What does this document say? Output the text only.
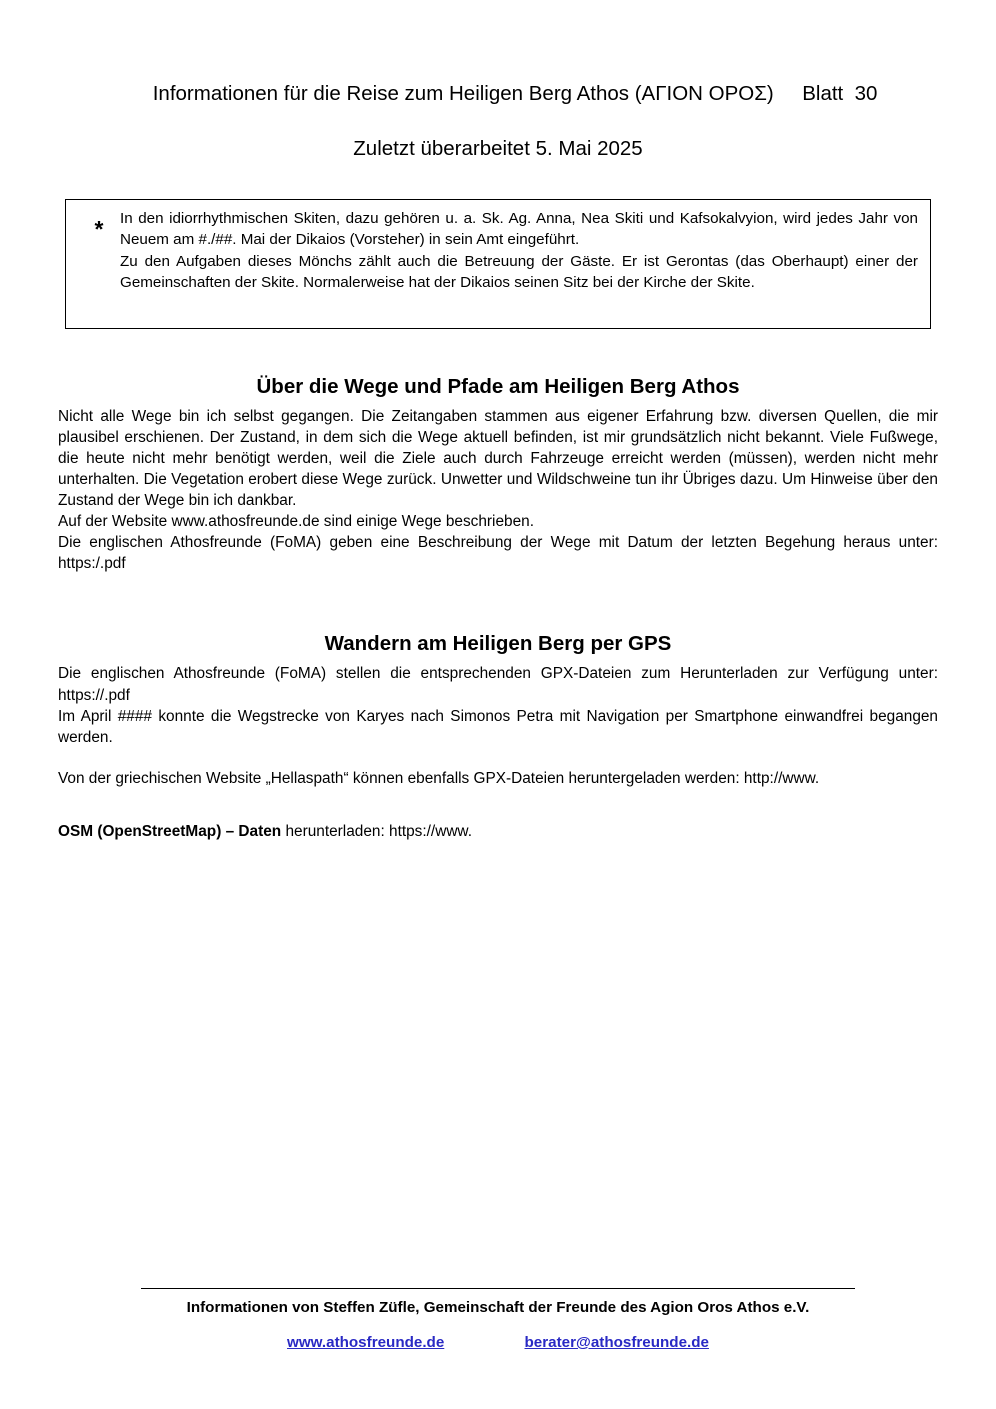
Informationen für die Reise zum Heiligen Berg Athos (ΑΓΙΟΝ ΟΡΟΣ) Blatt  30

Zuletzt überarbeitet 5. Mai 2025
*	In den idiorrhythmischen Skiten, dazu gehören u. a. Sk. Ag. Anna, Nea Skiti und Kafsokalvyion, wird jedes Jahr von Neuem am #./##. Mai der Dikaios (Vorsteher) in sein Amt eingeführt.

Zu den Aufgaben dieses Mönchs zählt auch die Betreuung der Gäste. Er ist Gerontas (das Oberhaupt) einer der Gemeinschaften der Skite. Normalerweise hat der Dikaios seinen Sitz bei der Kirche der Skite.

Über die Wege und Pfade am Heiligen Berg Athos

Nicht alle Wege bin ich selbst gegangen. Die Zeitangaben stammen aus eigener Erfahrung bzw. diversen Quellen, die mir plausibel erschienen. Der Zustand, in dem sich die Wege aktuell befinden, ist mir grundsätzlich nicht bekannt. Viele Fußwege, die heute nicht mehr benötigt werden, weil die Ziele auch durch Fahrzeuge erreicht werden (müssen), werden nicht mehr unterhalten. Die Vegetation erobert diese Wege zurück. Unwetter und Wildschweine tun ihr Übriges dazu. Um Hinweise über den Zustand der Wege bin ich dankbar.

Auf der Website www.athosfreunde.de sind einige Wege beschrieben.

Die englischen Athosfreunde (FoMA) geben eine Beschreibung der Wege mit Datum der letzten Begehung heraus unter: https:/.pdf

Wandern am Heiligen Berg per GPS

Die englischen Athosfreunde (FoMA) stellen die entsprechenden GPX-Dateien zum Herunterladen zur Verfügung unter: https://.pdf

Im April #### konnte die Wegstrecke von Karyes nach Simonos Petra mit Navigation per Smartphone einwandfrei begangen werden.

Von der griechischen Website „Hellaspath“ können ebenfalls GPX-Dateien heruntergeladen werden: http://www.

OSM (OpenStreetMap) – Daten herunterladen: https://www.
Informationen von Steffen Züfle, Gemeinschaft der Freunde des Agion Oros Athos e.V.
www.athosfreunde.de	berater@athosfreunde.de
